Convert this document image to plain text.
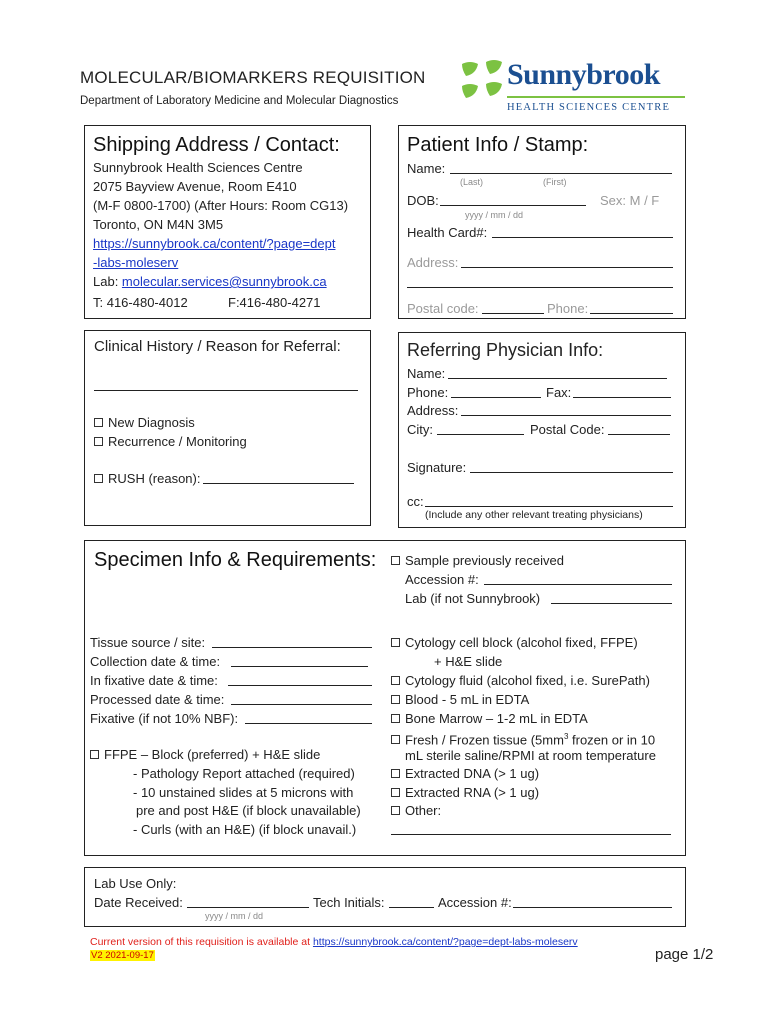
MOLECULAR/BIOMARKERS REQUISITION
Department of Laboratory Medicine and Molecular Diagnostics
Sunnybrook
HEALTH SCIENCES CENTRE
Shipping Address / Contact:
Sunnybrook Health Sciences Centre
2075 Bayview Avenue, Room E410
(M-F 0800-1700) (After Hours: Room CG13)
Toronto, ON M4N 3M5
https://sunnybrook.ca/content/?page=dept
-labs-moleserv
Lab: molecular.services@sunnybrook.ca
T: 416-480-4012	F:416-480-4271
Patient Info / Stamp:
Name:
(Last)	(First)
DOB:	Sex: M / F
yyyy / mm / dd
Health Card#:
Address:
Postal code:	Phone:
Clinical History / Reason for Referral:
New Diagnosis
Recurrence / Monitoring
RUSH (reason):
Referring Physician Info:
Name:
Phone:	Fax:
Address:
City:	Postal Code:
Signature:
cc:
(Include any other relevant treating physicians)
Specimen Info & Requirements:	Sample previously received
Accession #:
Lab (if not Sunnybrook)
Tissue source / site:
Collection date & time:
In fixative date & time:
Processed date & time:
Fixative (if not 10% NBF):
FFPE – Block (preferred) + H&E slide
- Pathology Report attached (required)
- 10 unstained slides at 5 microns with
pre and post H&E (if block unavailable)
- Curls (with an H&E) (if block unavail.)
Cytology cell block (alcohol fixed, FFPE)
+ H&E slide
Cytology fluid (alcohol fixed, i.e. SurePath)
Blood - 5 mL in EDTA
Bone Marrow – 1-2 mL in EDTA
Fresh / Frozen tissue ($5mm^3$ frozen or in 10
mL sterile saline/RPMI at room temperature
Extracted DNA (> 1 ug)
Extracted RNA (> 1 ug)
Other:
Lab Use Only:
Date Received:	Tech Initials:	Accession #:
yyyy / mm / dd
Current version of this requisition is available at https://sunnybrook.ca/content/?page=dept-labs-moleserv
V2 2021-09-17	page 1/2
